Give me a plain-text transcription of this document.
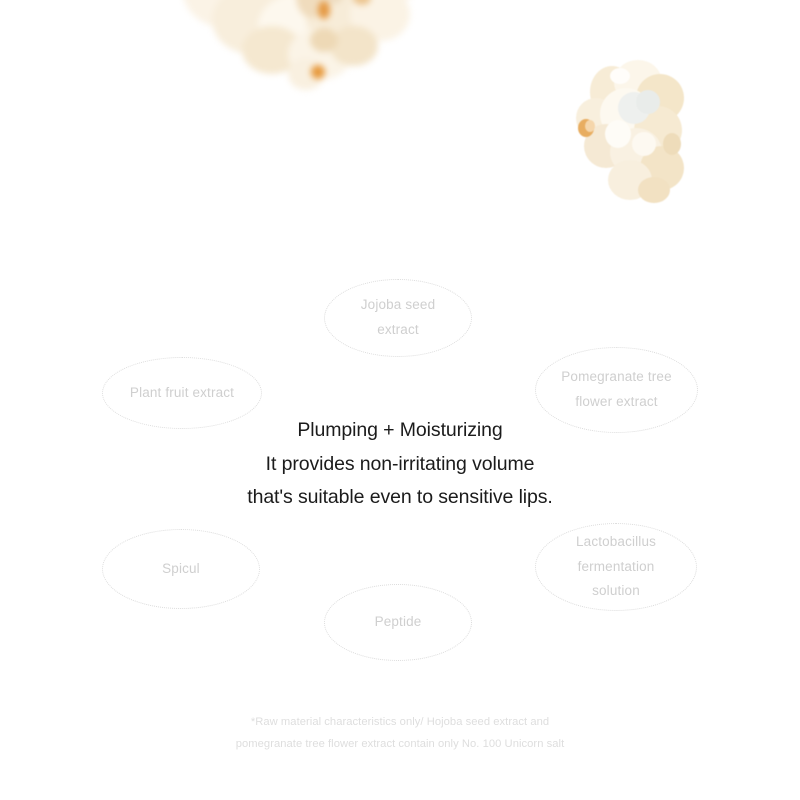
Jojoba seed
extract
Plant fruit extract
Pomegranate tree
flower extract
Spicul
Lactobacillus
fermentation
solution
Peptide
Plumping + Moisturizing
It provides non-irritating volume
that's suitable even to sensitive lips.
*Raw material characteristics only/ Hojoba seed extract and
pomegranate tree flower extract contain only No. 100 Unicorn salt
